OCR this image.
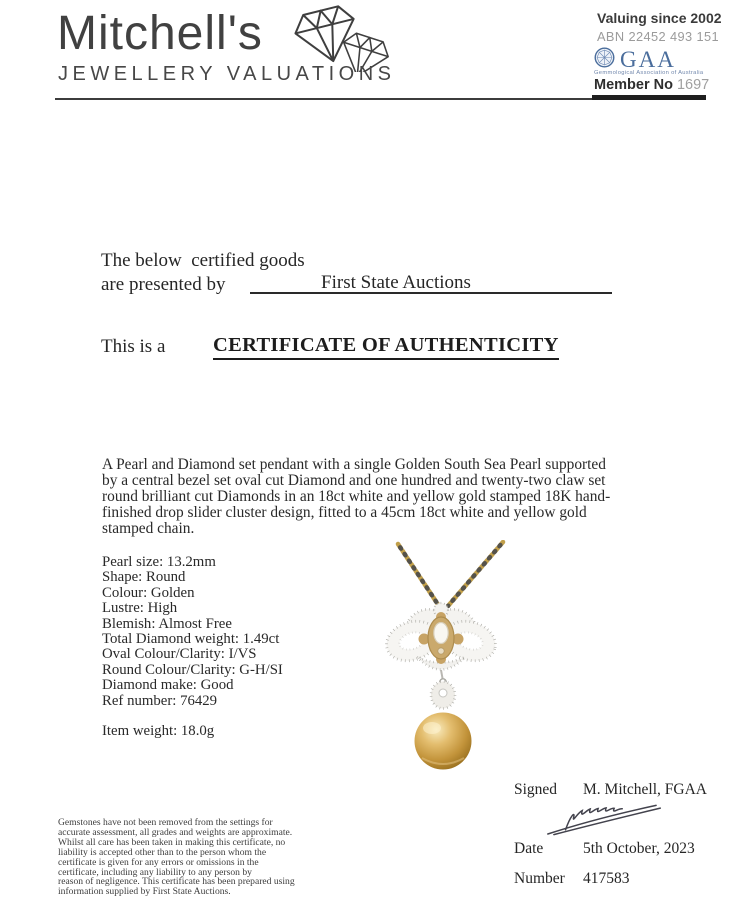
Mitchell's
JEWELLERY VALUATIONS
Valuing since 2002
ABN 22452 493 151
GAA
Gemmological Association of Australia
Member No 1697
The below  certified goods
are presented by	First State Auctions
This is a CERTIFICATE OF AUTHENTICITY
A Pearl and Diamond set pendant with a single Golden South Sea Pearl supported
by a central bezel set oval cut Diamond and one hundred and twenty-two claw set
round brilliant cut Diamonds in an 18ct white and yellow gold stamped 18K hand-
finished drop slider cluster design, fitted to a 45cm 18ct white and yellow gold
stamped chain.
Pearl size: 13.2mm
Shape: Round
Colour: Golden
Lustre: High
Blemish: Almost Free
Total Diamond weight: 1.49ct
Oval Colour/Clarity: I/VS
Round Colour/Clarity: G-H/SI
Diamond make: Good
Ref number: 76429
Item weight: 18.0g
Signed M. Mitchell, FGAA
Date	5th October, 2023
Number 417583
Gemstones have not been removed from the settings for
accurate assessment, all grades and weights are approximate.
Whilst all care has been taken in making this certificate, no
liability is accepted other than to the person whom the
certificate is given for any errors or omissions in the
certificate, including any liability to any person by
reason of negligence. This certificate has been prepared using
information supplied by First State Auctions.
